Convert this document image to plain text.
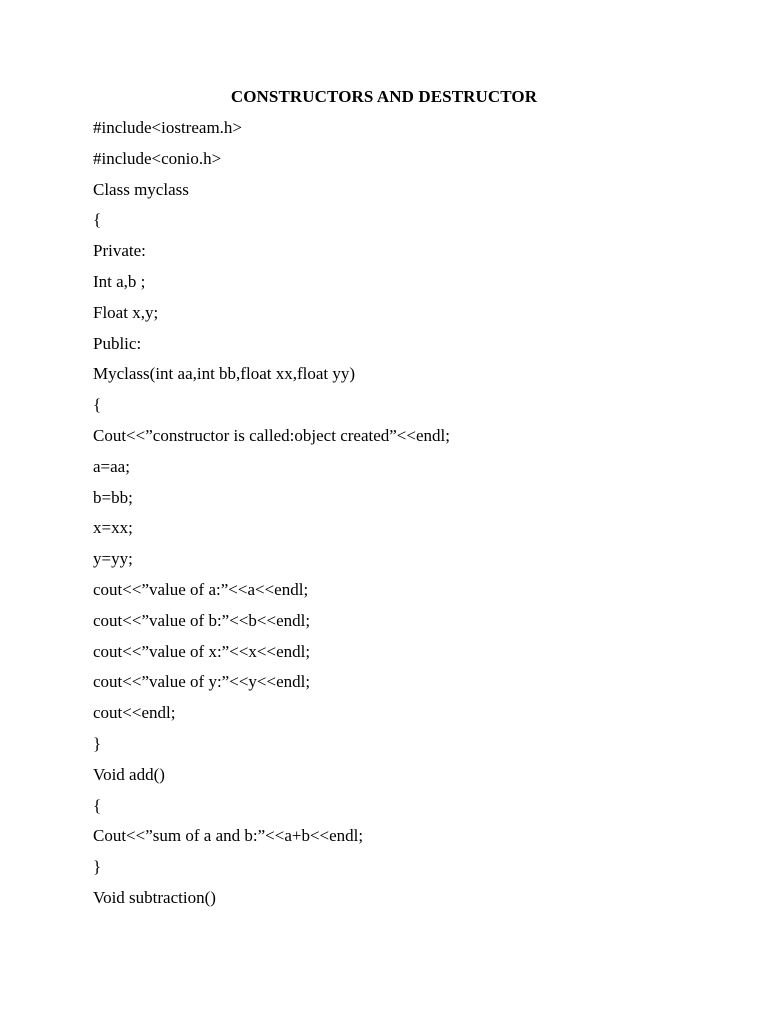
CONSTRUCTORS AND DESTRUCTOR
#include<iostream.h>
#include<conio.h>
Class myclass
{
Private:
Int a,b ;
Float x,y;
Public:
Myclass(int aa,int bb,float xx,float yy)
{
Cout<<”constructor is called:object created”<<endl;
a=aa;
b=bb;
x=xx;
y=yy;
cout<<”value of a:”<<a<<endl;
cout<<”value of b:”<<b<<endl;
cout<<”value of x:”<<x<<endl;
cout<<”value of y:”<<y<<endl;
cout<<endl;
}
Void add()
{
Cout<<”sum of a and b:”<<a+b<<endl;
}
Void subtraction()
